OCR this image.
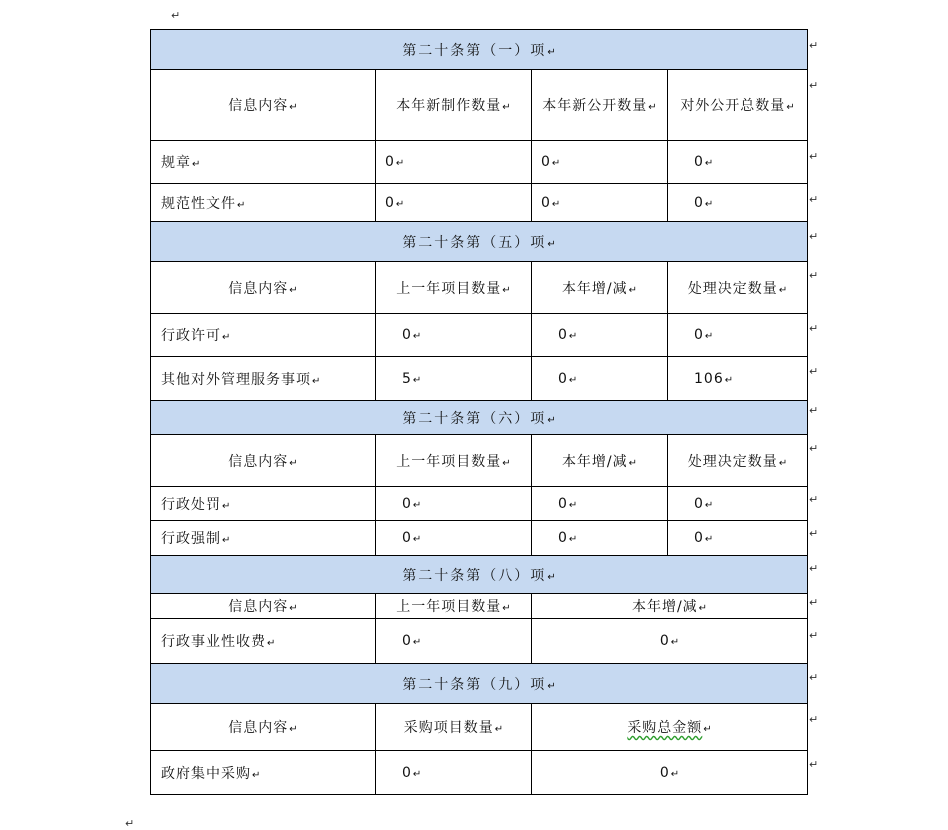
↵
↵
↵
↵
↵
↵
↵
↵
↵
↵
↵
↵
↵
↵
↵
↵
↵
↵
↵
↵
第二十条第（一）项↵			
信息内容↵	本年新制作数量↵	本年新公开数量↵	对外公开总数量↵
规章↵	0↵	0↵	0↵
规范性文件↵	0↵	0↵	0↵
第二十条第（五）项↵			
信息内容↵	上一年项目数量↵	本年增/减↵	处理决定数量↵
行政许可↵	0↵	0↵	0↵
其他对外管理服务事项↵	5↵	0↵	106↵
第二十条第（六）项↵			
信息内容↵	上一年项目数量↵	本年增/减↵	处理决定数量↵
行政处罚↵	0↵	0↵	0↵
行政强制↵	0↵	0↵	0↵
第二十条第（八）项↵			
信息内容↵	上一年项目数量↵	本年增/减↵	
行政事业性收费↵	0↵	0↵	
第二十条第（九）项↵			
信息内容↵	采购项目数量↵	采购总金额↵	
政府集中采购↵	0↵	0↵	
